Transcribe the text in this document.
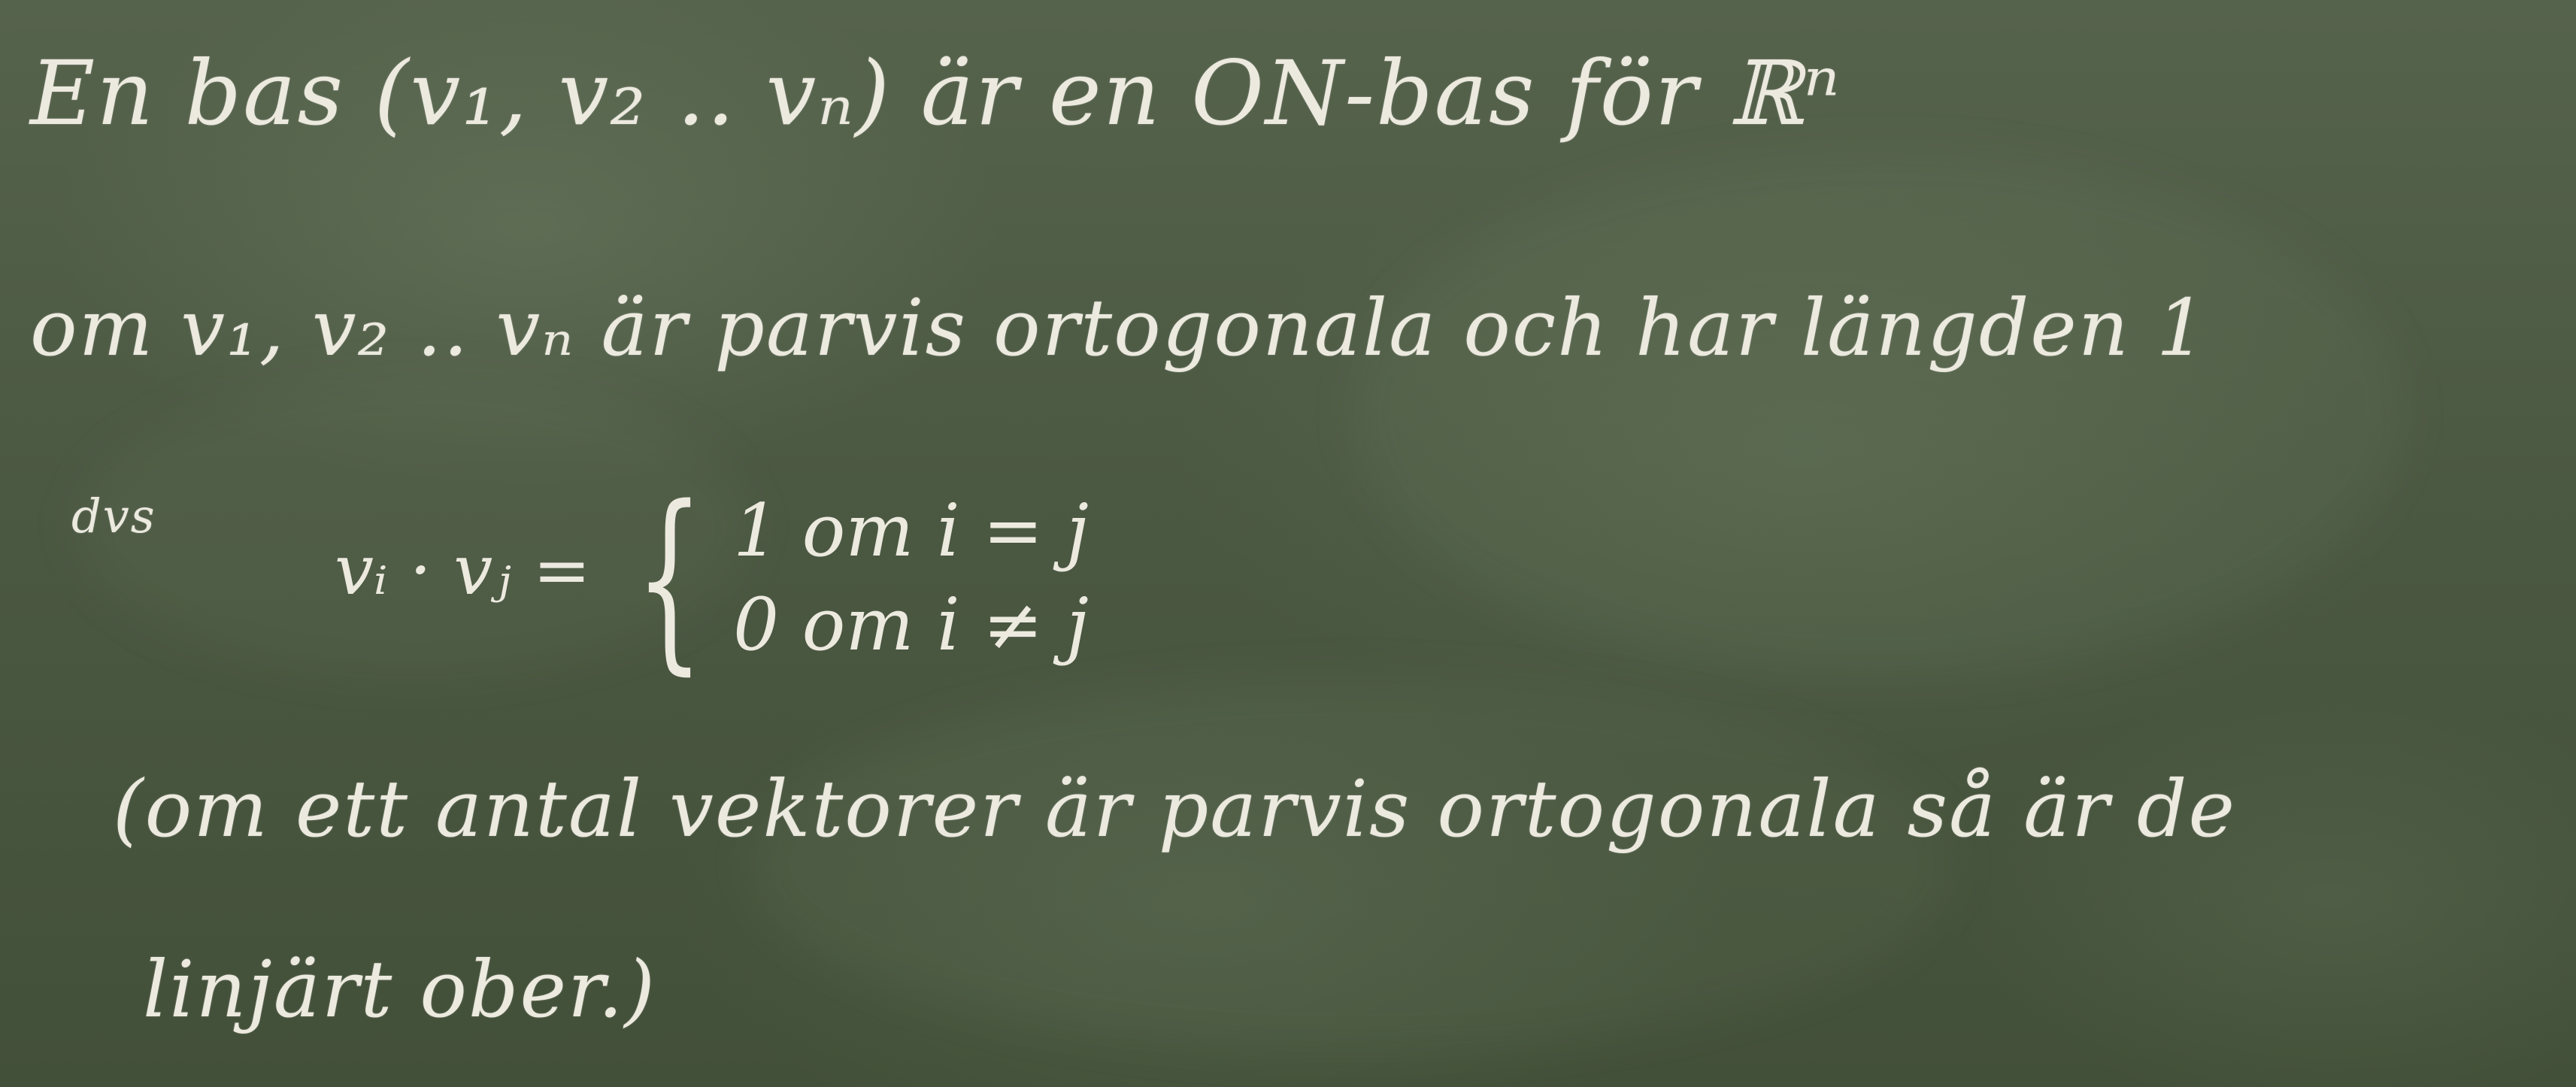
En bas (v₁, v₂ .. vₙ) är en ON-bas för ℝⁿ
om v₁, v₂ .. vₙ är parvis ortogonala och har längden 1
dvs
vᵢ · vⱼ = { 1 om i = j
0 om i ≠ j
(om ett antal vektorer är parvis ortogonala så är de
linjärt ober.)
